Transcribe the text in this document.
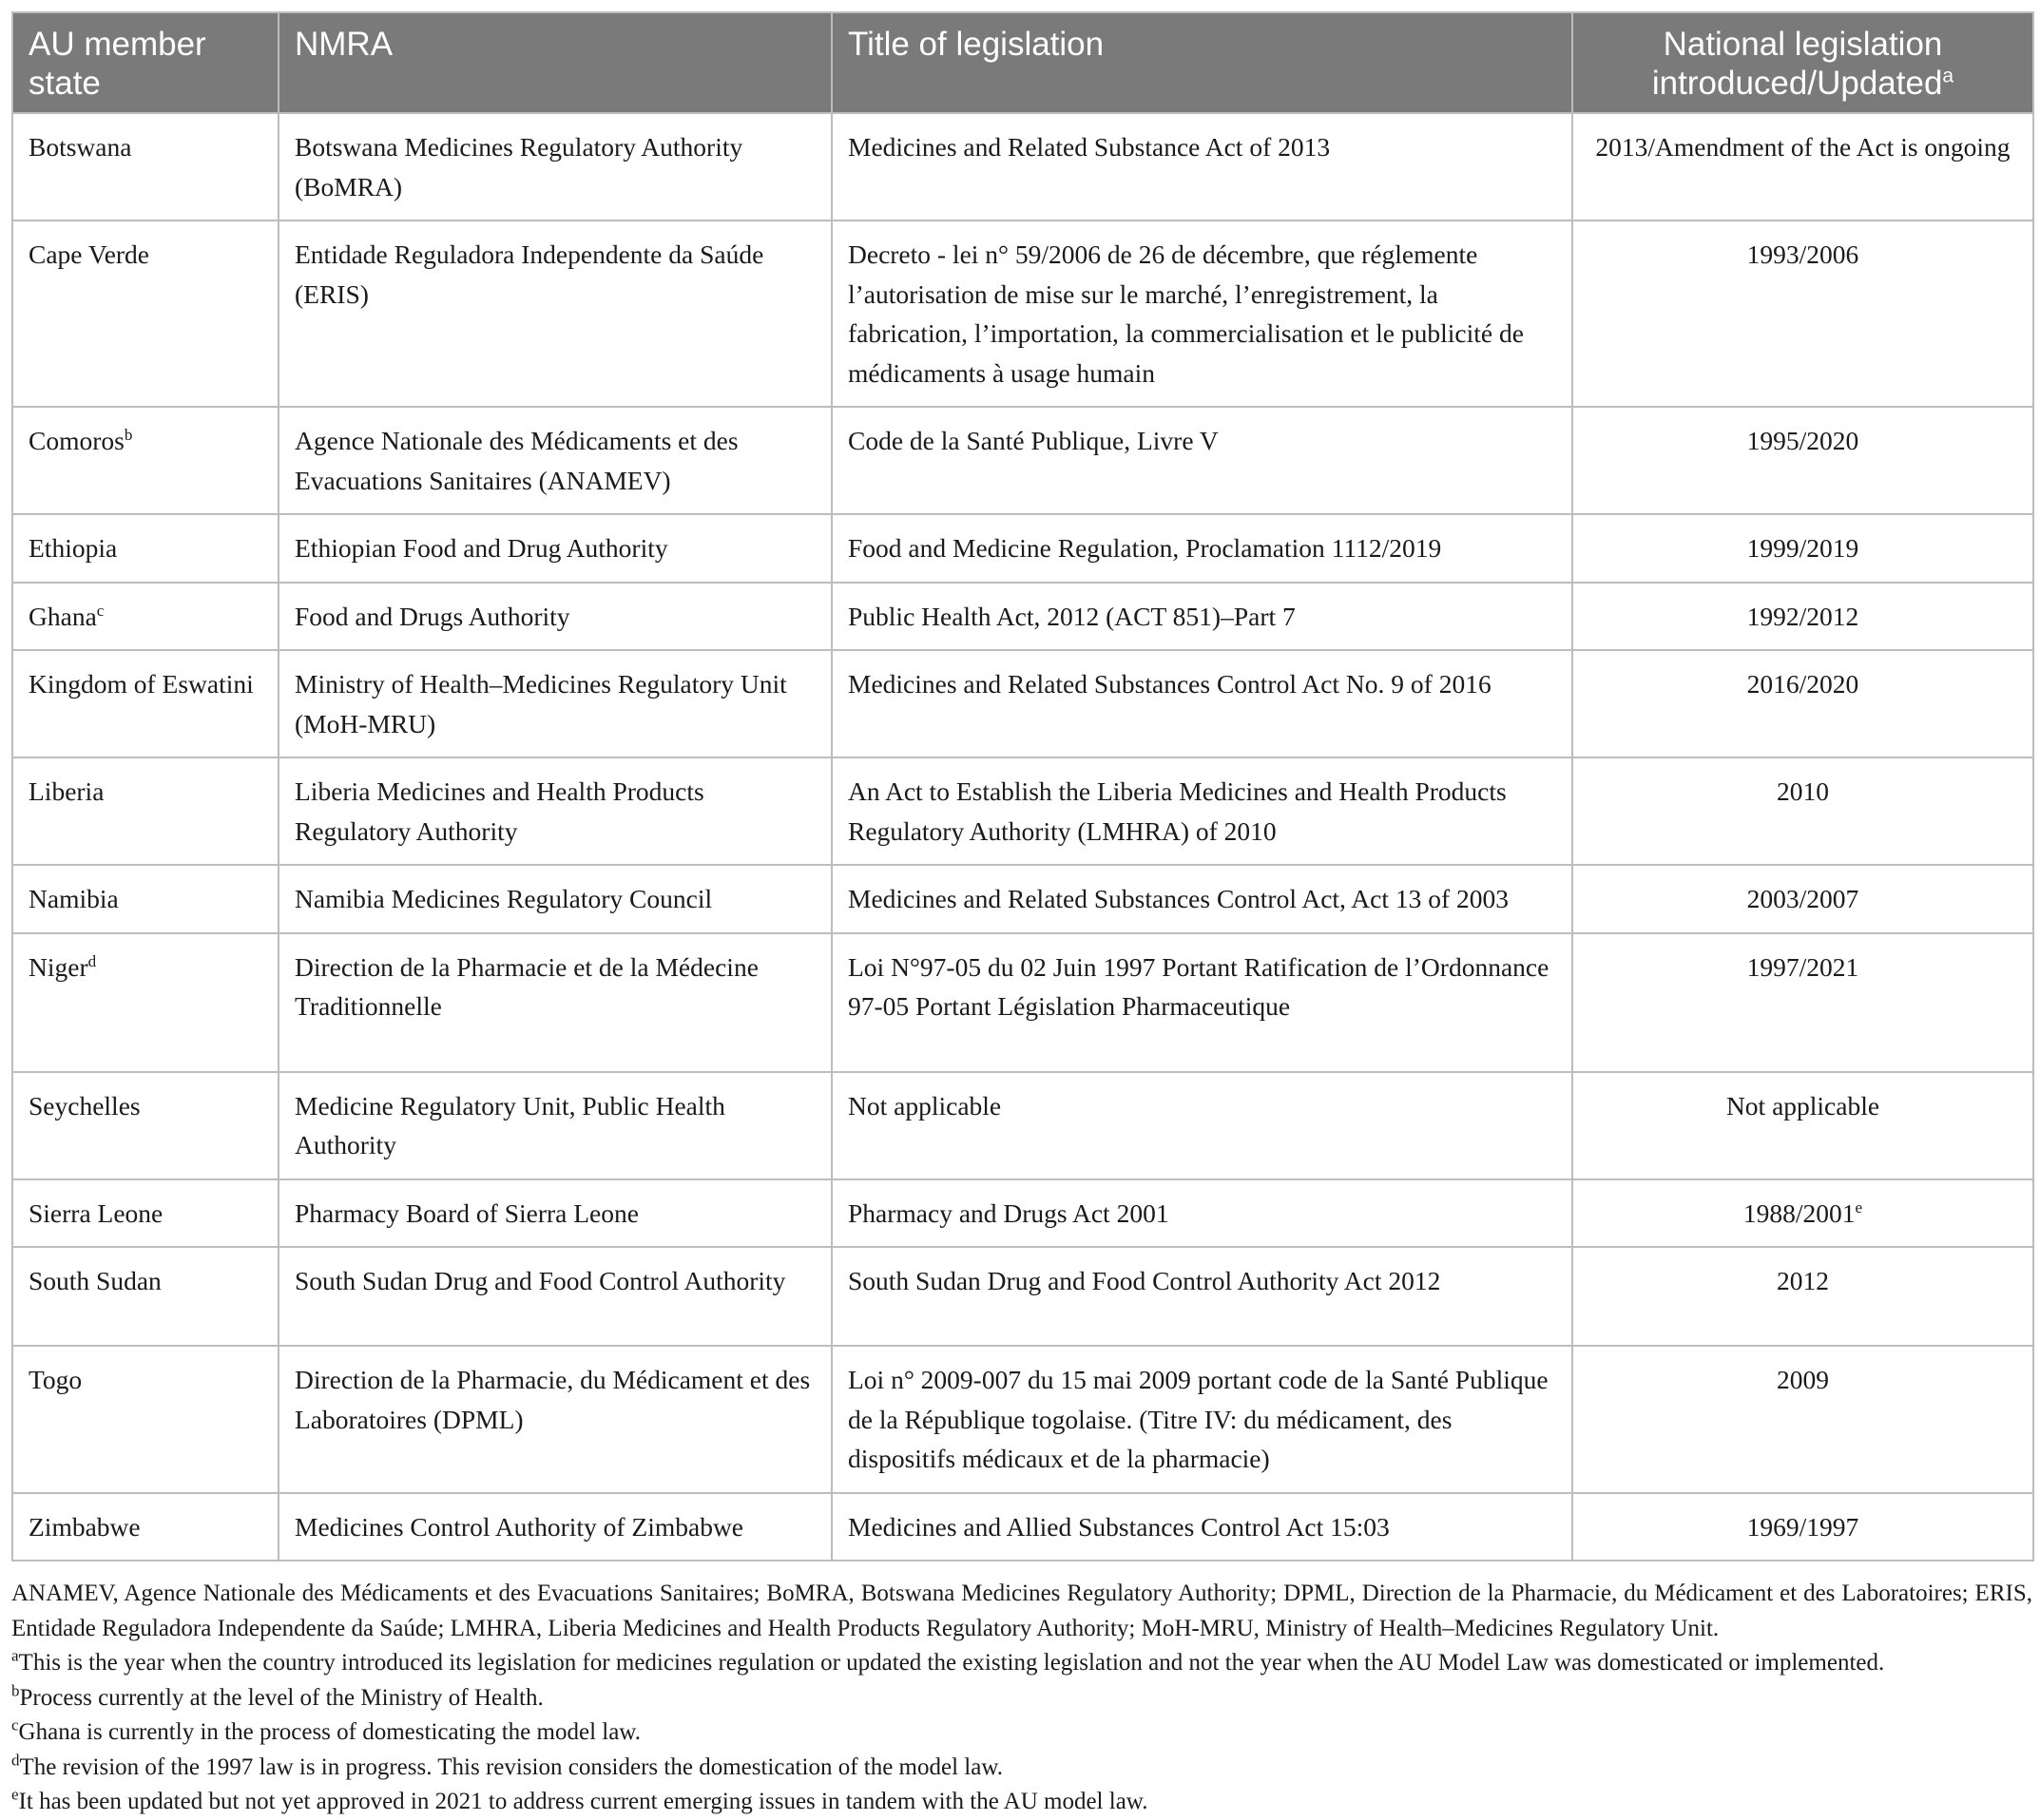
AU member state	NMRA	Title of legislation	National legislation introduced/Updated$^a$
Botswana	Botswana Medicines Regulatory Authority (BoMRA)	Medicines and Related Substance Act of 2013	2013/Amendment of the Act is ongoing
Cape Verde	Entidade Reguladora Independente da Saúde (ERIS)	Decreto - lei n° 59/2006 de 26 de décembre, que réglemente l’autorisation de mise sur le marché, l’enregistrement, la fabrication, l’importation, la commercialisation et le publicité de médicaments à usage humain	1993/2006
Comoros$^b$	Agence Nationale des Médicaments et des Evacuations Sanitaires (ANAMEV)	Code de la Santé Publique, Livre V	1995/2020
Ethiopia	Ethiopian Food and Drug Authority	Food and Medicine Regulation, Proclamation 1112/2019	1999/2019
Ghana$^c$	Food and Drugs Authority	Public Health Act, 2012 (ACT 851)–Part 7	1992/2012
Kingdom of Eswatini	Ministry of Health–Medicines Regulatory Unit (MoH-MRU)	Medicines and Related Substances Control Act No. 9 of 2016	2016/2020
Liberia	Liberia Medicines and Health Products Regulatory Authority	An Act to Establish the Liberia Medicines and Health Products Regulatory Authority (LMHRA) of 2010	2010
Namibia	Namibia Medicines Regulatory Council	Medicines and Related Substances Control Act, Act 13 of 2003	2003/2007
Niger$^d$	Direction de la Pharmacie et de la Médecine Traditionnelle	Loi N°97-05 du 02 Juin 1997 Portant Ratification de l’Ordonnance 97-05 Portant Législation Pharmaceutique	1997/2021
Seychelles	Medicine Regulatory Unit, Public Health Authority	Not applicable	Not applicable
Sierra Leone	Pharmacy Board of Sierra Leone	Pharmacy and Drugs Act 2001	1988/2001e
South Sudan	South Sudan Drug and Food Control Authority	South Sudan Drug and Food Control Authority Act 2012	2012
Togo	Direction de la Pharmacie, du Médicament et des Laboratoires (DPML)	Loi n° 2009-007 du 15 mai 2009 portant code de la Santé Publique de la République togolaise. (Titre IV: du médicament, des dispositifs médicaux et de la pharmacie)	2009
Zimbabwe	Medicines Control Authority of Zimbabwe	Medicines and Allied Substances Control Act 15:03	1969/1997

ANAMEV, Agence Nationale des Médicaments et des Evacuations Sanitaires; BoMRA, Botswana Medicines Regulatory Authority; DPML, Direction de la Pharmacie, du Médicament et des Laboratoires; ERIS, Entidade Reguladora Independente da Saúde; LMHRA, Liberia Medicines and Health Products Regulatory Authority; MoH-MRU, Ministry of Health–Medicines Regulatory Unit.

$^a$This is the year when the country introduced its legislation for medicines regulation or updated the existing legislation and not the year when the AU Model Law was domesticated or implemented.

$^b$Process currently at the level of the Ministry of Health.

$^c$Ghana is currently in the process of domesticating the model law.

$^d$The revision of the 1997 law is in progress. This revision considers the domestication of the model law.

$^e$It has been updated but not yet approved in 2021 to address current emerging issues in tandem with the AU model law.
